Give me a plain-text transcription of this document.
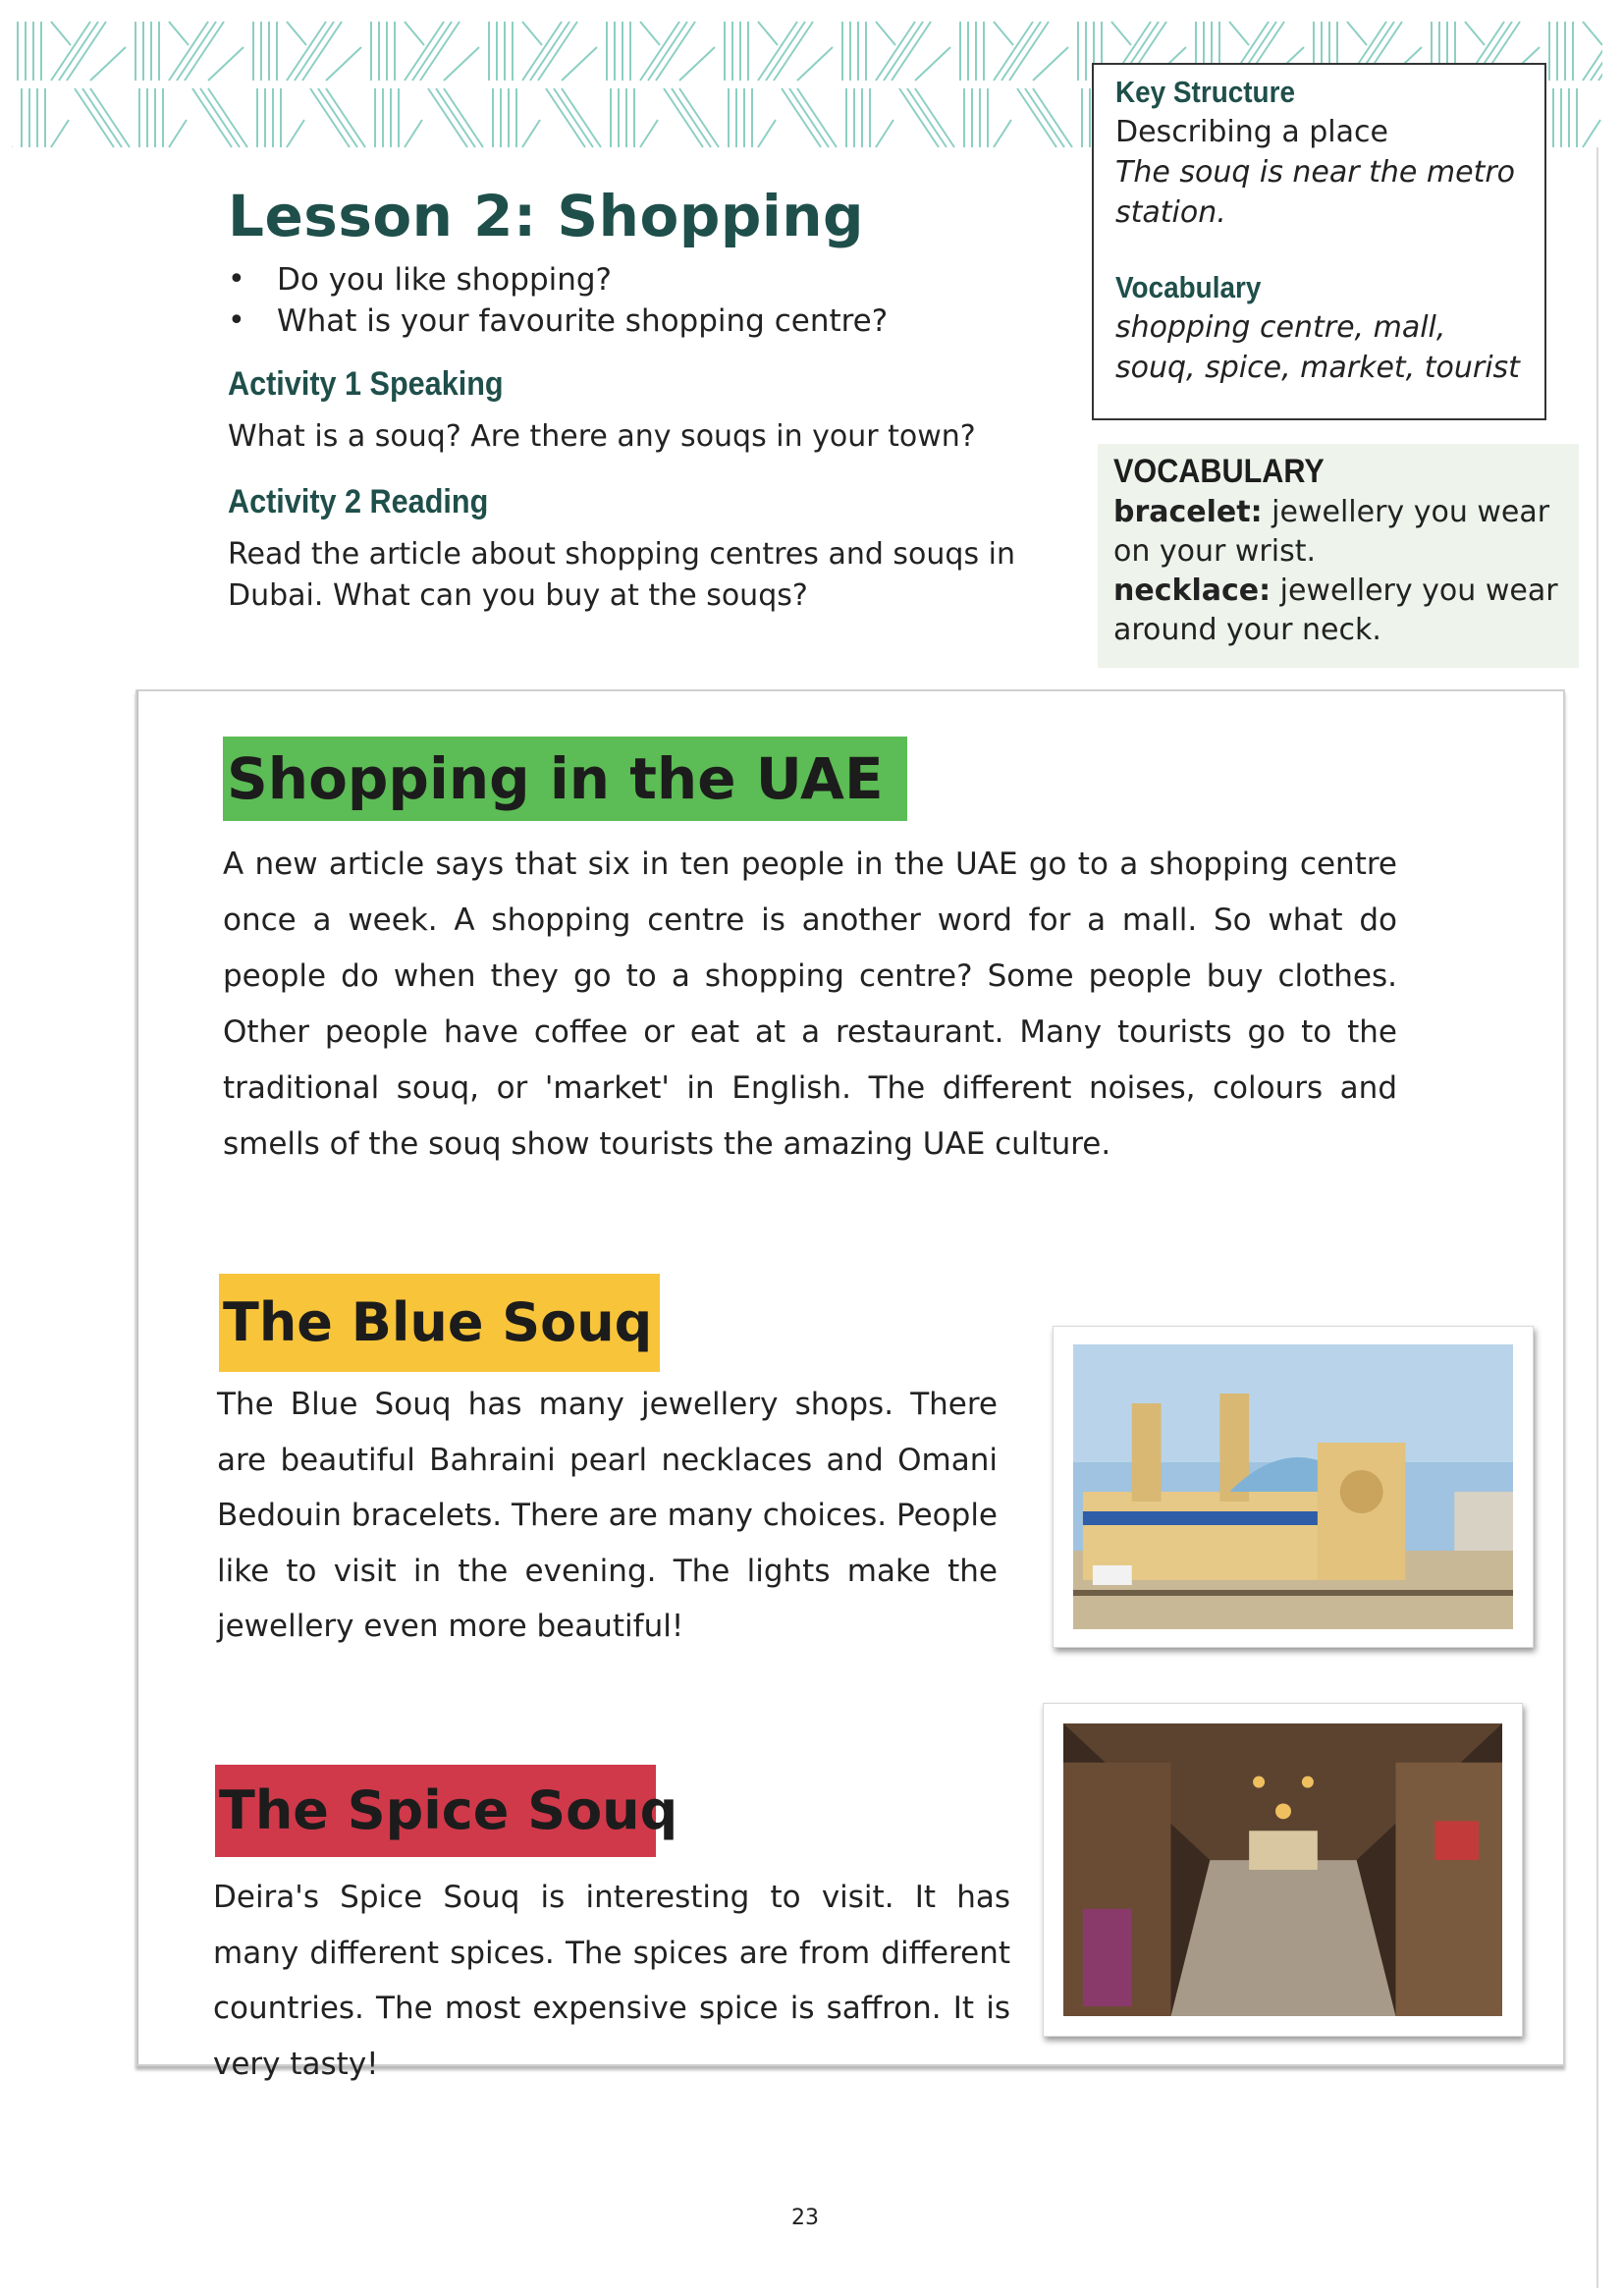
Lesson 2: Shopping
• Do you like shopping?
• What is your favourite shopping centre?
Activity 1 Speaking

What is a souq? Are there any souqs in your town?

Activity 2 Reading

Read the article about shopping centres and souqs in Dubai. What can you buy at the souqs?

Key Structure

Describing a place

The souq is near the metro station.

Vocabulary

shopping centre, mall, souq, spice, market, tourist

VOCABULARY

bracelet: jewellery you wear on your wrist.

necklace: jewellery you wear around your neck.

Shopping in the UAE

A new article says that six in ten people in the UAE go to a shopping centre once a week. A shopping centre is another word for a mall. So what do people do when they go to a shopping centre? Some people buy clothes. Other people have coffee or eat at a restaurant. Many tourists go to the traditional souq, or 'market' in English. The different noises, colours and smells of the souq show tourists the amazing UAE culture.

The Blue Souq

The Blue Souq has many jewellery shops. There are beautiful Bahraini pearl necklaces and Omani Bedouin bracelets. There are many choices. People like to visit in the evening. The lights make the jewellery even more beautiful!

The Spice Souq

Deira's Spice Souq is interesting to visit. It has many different spices. The spices are from different countries. The most expensive spice is saffron. It is very tasty!

23
